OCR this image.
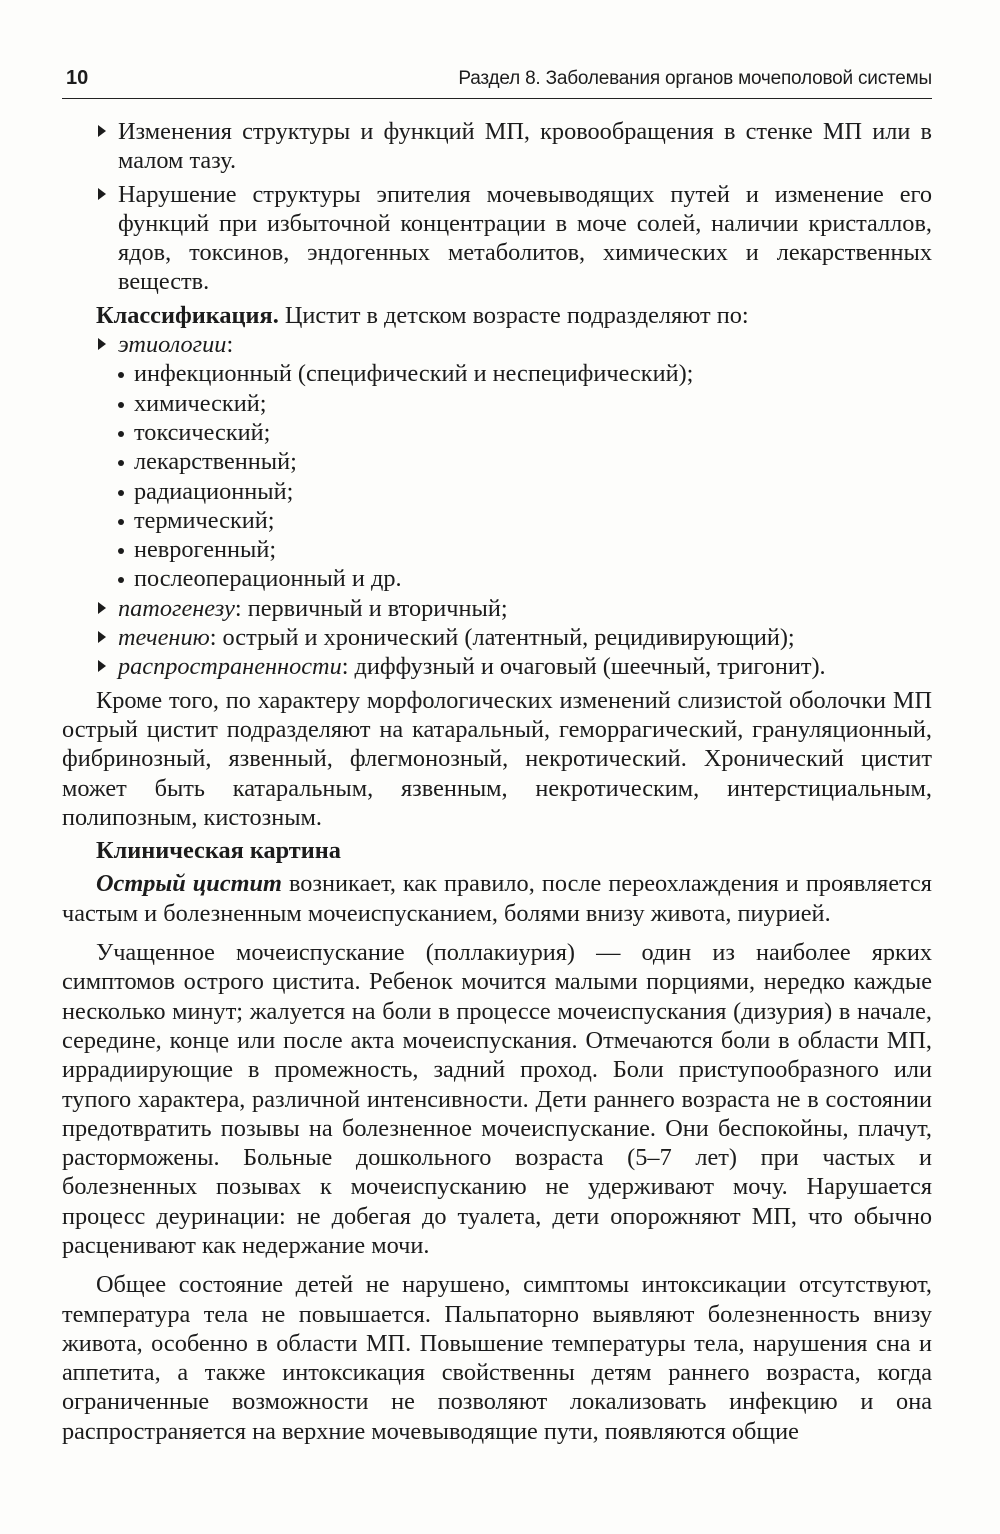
10	Раздел 8. Заболевания органов мочеполовой системы

Изменения структуры и функций МП, кровообращения в стенке МП или в малом тазу.

Нарушение структуры эпителия мочевыводящих путей и изменение его функций при избыточной концентрации в моче солей, наличии кристаллов, ядов, токсинов, эндогенных метаболитов, химических и лекарственных веществ.

Классификация. Цистит в детском возрасте подразделяют по:

этиологии:

инфекционный (специфический и неспецифический);

химический;

токсический;

лекарственный;

радиационный;

термический;

неврогенный;

послеоперационный и др.

патогенезу: первичный и вторичный;

течению: острый и хронический (латентный, рецидивирующий);

распространенности: диффузный и очаговый (шеечный, тригонит).

Кроме того, по характеру морфологических изменений слизистой оболочки МП острый цистит подразделяют на катаральный, геморрагический, грануляционный, фибринозный, язвенный, флегмонозный, некротический. Хронический цистит может быть катаральным, язвенным, некротическим, интерстициальным, полипозным, кистозным.

Клиническая картина

Острый цистит возникает, как правило, после переохлаждения и проявляется частым и болезненным мочеиспусканием, болями внизу живота, пиурией.

Учащенное мочеиспускание (поллакиурия) — один из наиболее ярких симптомов острого цистита. Ребенок мочится малыми порциями, нередко каждые несколько минут; жалуется на боли в процессе мочеиспускания (дизурия) в начале, середине, конце или после акта мочеиспускания. Отмечаются боли в области МП, иррадиирующие в промежность, задний проход. Боли приступообразного или тупого характера, различной интенсивности. Дети раннего возраста не в состоянии предотвратить позывы на болезненное мочеиспускание. Они беспокойны, плачут, расторможены. Больные дошкольного возраста (5–7 лет) при частых и болезненных позывах к мочеиспусканию не удерживают мочу. Нарушается процесс деуринации: не добегая до туалета, дети опорожняют МП, что обычно расценивают как недержание мочи.

Общее состояние детей не нарушено, симптомы интоксикации отсутствуют, температура тела не повышается. Пальпаторно выявляют болезненность внизу живота, особенно в области МП. Повышение температуры тела, нарушения сна и аппетита, а также интоксикация свойственны детям раннего возраста, когда ограниченные возможности не позволяют локализовать инфекцию и она распространяется на верхние мочевыводящие пути, появляются общие
